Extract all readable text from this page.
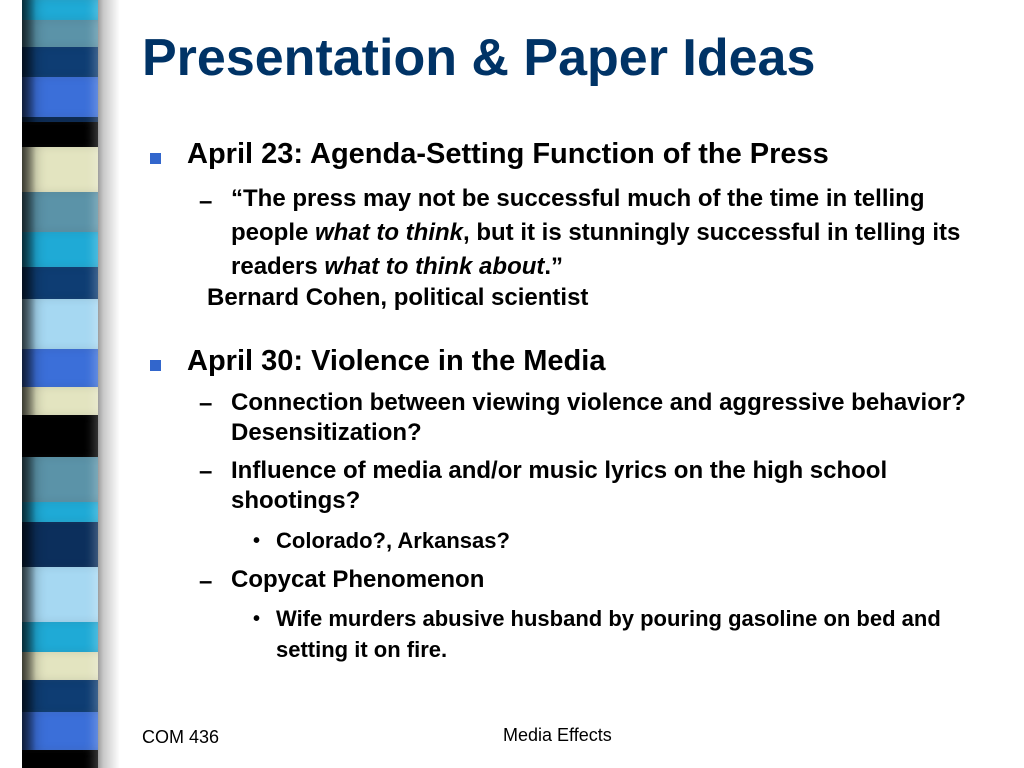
Presentation & Paper Ideas

April 23: Agenda-Setting Function of the Press

– “The press may not be successful much of the time in telling people what to think, but it is stunningly successful in telling its readers what to think about.”

Bernard Cohen, political scientist

April 30: Violence in the Media

– Connection between viewing violence and aggressive behavior? Desensitization?

– Influence of media and/or music lyrics on the high school shootings?

• Colorado?, Arkansas?

– Copycat Phenomenon

• Wife murders abusive husband by pouring gasoline on bed and setting it on fire.

COM 436	Media Effects
